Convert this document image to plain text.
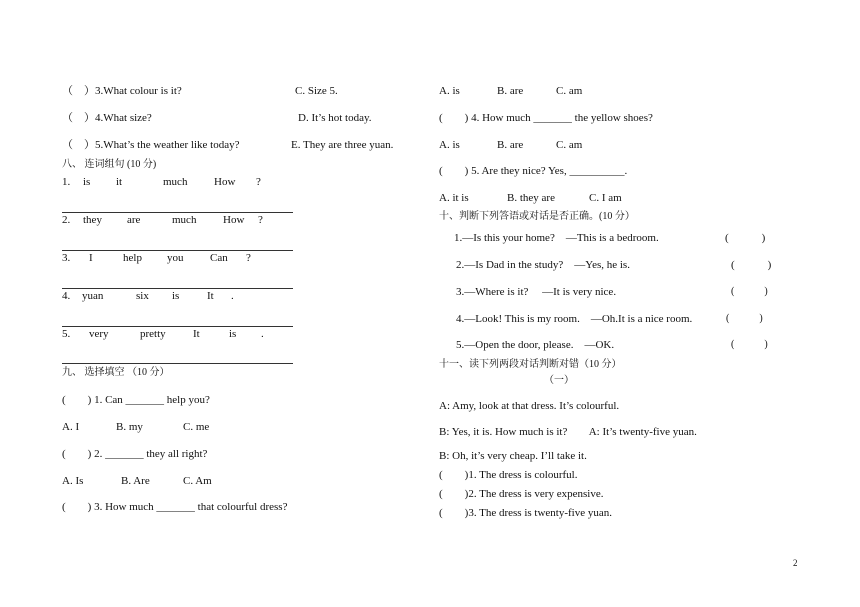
（　）3.What colour is it?	C. Size 5.
（　）4.What size?	D. It’s hot today.
（　）5.What’s the weather like today?	E. They are three yuan.
八、 连词组句 (10 分)
1. is it	much How ?
2. they are	much How ?
3. I	help you Can ?
4. yuan	six is	It .
5. very	pretty It	is .
九、 选择填空 （10 分）
(　　) 1. Can _______ help you?
A. I	B. my	C. me
(　　) 2. _______ they all right?
A. Is	B. Are	C. Am
(　　) 3. How much _______ that colourful dress?
A. is	B. are	C. am
(　　) 4. How much _______ the yellow shoes?
A. is	B. are	C. am
(　　) 5. Are they nice? Yes, __________.
A. it is	B. they are	C. I am
十、判断下列答语或对话是否正确。(10 分）
1.—Is this your home?　—This is a bedroom.	(　　　)
2.—Is Dad in the study?　—Yes, he is.	(　　　)
3.—Where is it?　 —It is very nice.	(　　　)
4.—Look! This is my room.　—Oh.It is a nice room.	(　　　)
5.—Open the door, please.　—OK.	(　　　)
十一、读下列两段对话判断对错（10 分）
（一）
A: Amy, look at that dress. It’s colourful.
B: Yes, it is. How much is it?        A: It’s twenty-five yuan.
B: Oh, it’s very cheap. I’ll take it.
(　　)1. The dress is colourful.
(　　)2. The dress is very expensive.
(　　)3. The dress is twenty-five yuan.
2
